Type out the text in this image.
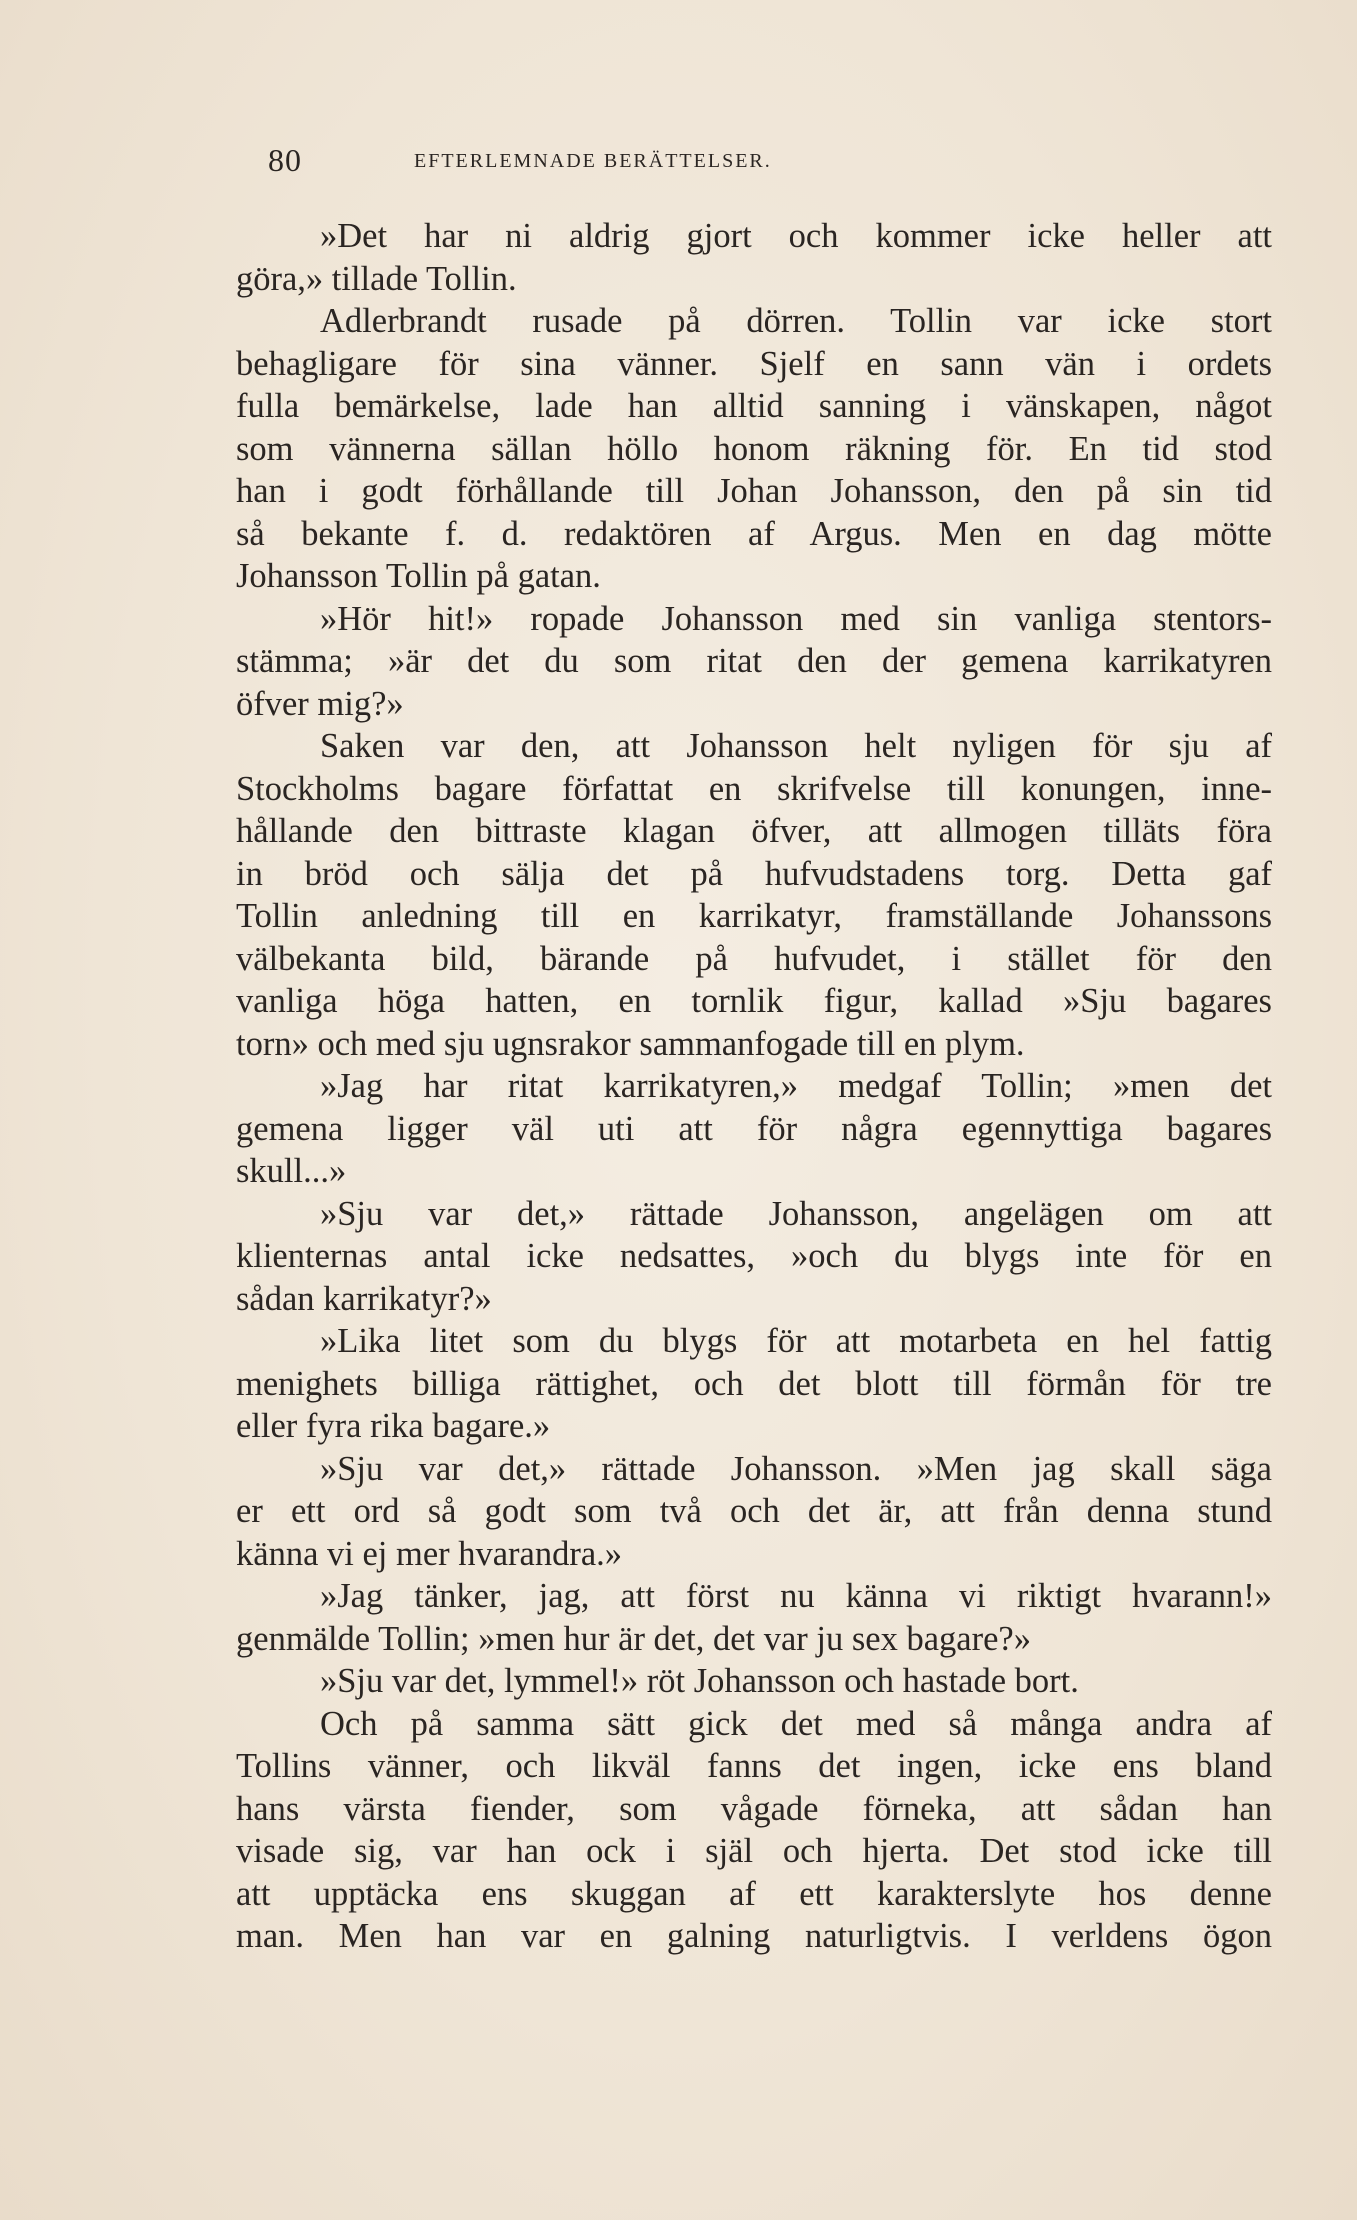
80	EFTERLEMNADE BERÄTTELSER.
»Det har ni aldrig gjort och kommer icke heller att
göra,» tillade Tollin.
Adlerbrandt rusade på dörren. Tollin var icke stort
behagligare för sina vänner. Sjelf en sann vän i ordets
fulla bemärkelse, lade han alltid sanning i vänskapen, något
som vännerna sällan höllo honom räkning för. En tid stod
han i godt förhållande till Johan Johansson, den på sin tid
så bekante f. d. redaktören af Argus. Men en dag mötte
Johansson Tollin på gatan.
»Hör hit!» ropade Johansson med sin vanliga stentors-
stämma; »är det du som ritat den der gemena karrikatyren
öfver mig?»
Saken var den, att Johansson helt nyligen för sju af
Stockholms bagare författat en skrifvelse till konungen, inne-
hållande den bittraste klagan öfver, att allmogen tilläts föra
in bröd och sälja det på hufvudstadens torg. Detta gaf
Tollin anledning till en karrikatyr, framställande Johanssons
välbekanta bild, bärande på hufvudet, i stället för den
vanliga höga hatten, en tornlik figur, kallad »Sju bagares
torn» och med sju ugnsrakor sammanfogade till en plym.
»Jag har ritat karrikatyren,» medgaf Tollin; »men det
gemena ligger väl uti att för några egennyttiga bagares
skull...»
»Sju var det,» rättade Johansson, angelägen om att
klienternas antal icke nedsattes, »och du blygs inte för en
sådan karrikatyr?»
»Lika litet som du blygs för att motarbeta en hel fattig
menighets billiga rättighet, och det blott till förmån för tre
eller fyra rika bagare.»
»Sju var det,» rättade Johansson. »Men jag skall säga
er ett ord så godt som två och det är, att från denna stund
känna vi ej mer hvarandra.»
»Jag tänker, jag, att först nu känna vi riktigt hvarann!»
genmälde Tollin; »men hur är det, det var ju sex bagare?»
»Sju var det, lymmel!» röt Johansson och hastade bort.
Och på samma sätt gick det med så många andra af
Tollins vänner, och likväl fanns det ingen, icke ens bland
hans värsta fiender, som vågade förneka, att sådan han
visade sig, var han ock i själ och hjerta. Det stod icke till
att upptäcka ens skuggan af ett karakterslyte hos denne
man. Men han var en galning naturligtvis. I verldens ögon
